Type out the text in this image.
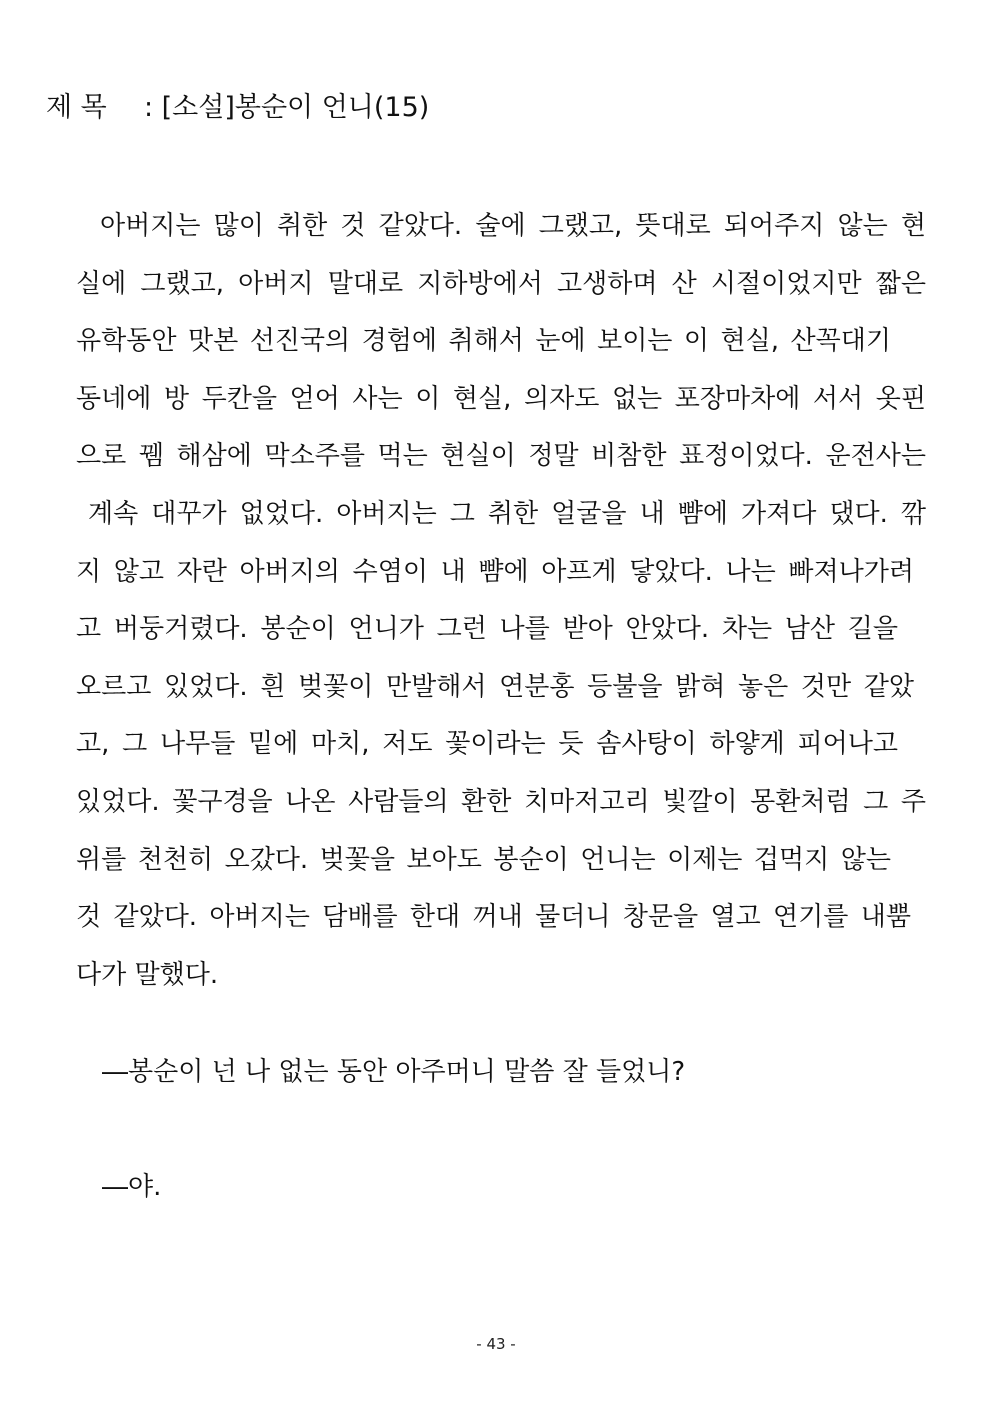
제 목 : [소설]봉순이 언니(15)
아버지는 많이 취한 것 같았다. 술에 그랬고, 뜻대로 되어주지 않는 현
실에 그랬고, 아버지 말대로 지하방에서 고생하며 산 시절이었지만 짧은
유학동안 맛본 선진국의 경험에 취해서 눈에 보이는 이 현실, 산꼭대기
동네에 방 두칸을 얻어 사는 이 현실, 의자도 없는 포장마차에 서서 옷핀
으로 뀀 해삼에 막소주를 먹는 현실이 정말 비참한 표정이었다. 운전사는
계속 대꾸가 없었다. 아버지는 그 취한 얼굴을 내 뺨에 가져다 댔다. 깎
지 않고 자란 아버지의 수염이 내 뺨에 아프게 닿았다. 나는 빠져나가려
고 버둥거렸다. 봉순이 언니가 그런 나를 받아 안았다. 차는 남산 길을
오르고 있었다. 흰 벚꽃이 만발해서 연분홍 등불을 밝혀 놓은 것만 같았
고, 그 나무들 밑에 마치, 저도 꽃이라는 듯 솜사탕이 하얗게 피어나고
있었다. 꽃구경을 나온 사람들의 환한 치마저고리 빛깔이 몽환처럼 그 주
위를 천천히 오갔다. 벚꽃을 보아도 봉순이 언니는 이제는 겁먹지 않는
것 같았다. 아버지는 담배를 한대 꺼내 물더니 창문을 열고 연기를 내뿜
다가 말했다.
―봉순이 넌 나 없는 동안 아주머니 말씀 잘 들었니?
―야.
- 43 -
